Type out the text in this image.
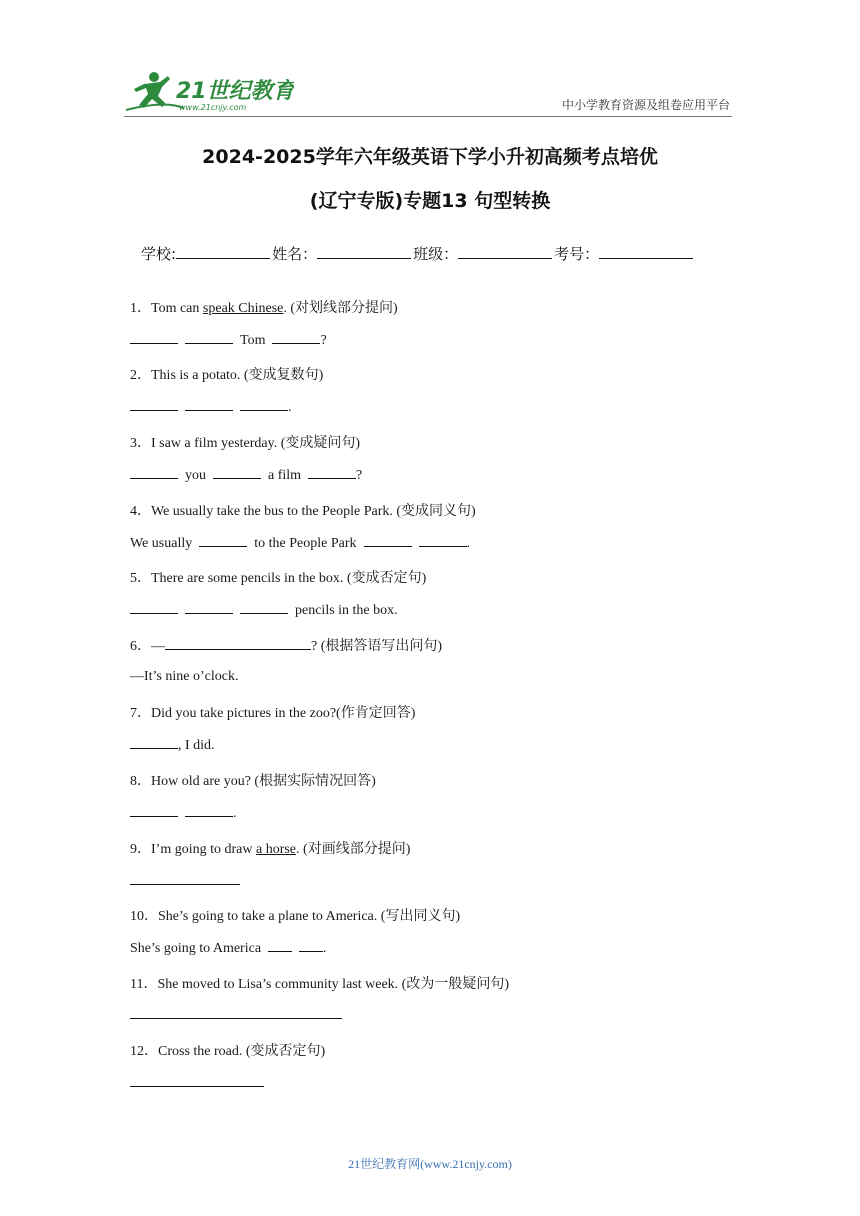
21世纪教育
www.21cnjy.com	中小学教育资源及组卷应用平台
2024-2025学年六年级英语下学小升初高频考点培优
(辽宁专版)专题13 句型转换
学校:	姓名：	班级：	考号：
1．Tom can speak Chinese. (对划线部分提问)
Tom	?
2．This is a potato. (变成复数句)
.
3．I saw a film yesterday. (变成疑问句)
you	a film	?
4．We usually take the bus to the People Park. (变成同义句)
We usually	to the People Park	.
5．There are some pencils in the box. (变成否定句)
pencils in the box.
6．—	? (根据答语写出问句)
—It’s nine o’clock.
7．Did you take pictures in the zoo?(作肯定回答)
, I did.
8．How old are you? (根据实际情况回答)
.
9．I’m going to draw a horse. (对画线部分提问)
10．She’s going to take a plane to America. (写出同义句)
She’s going to America	.
11．She moved to Lisa’s community last week. (改为一般疑问句)
12．Cross the road. (变成否定句)
21世纪教育网(www.21cnjy.com)
